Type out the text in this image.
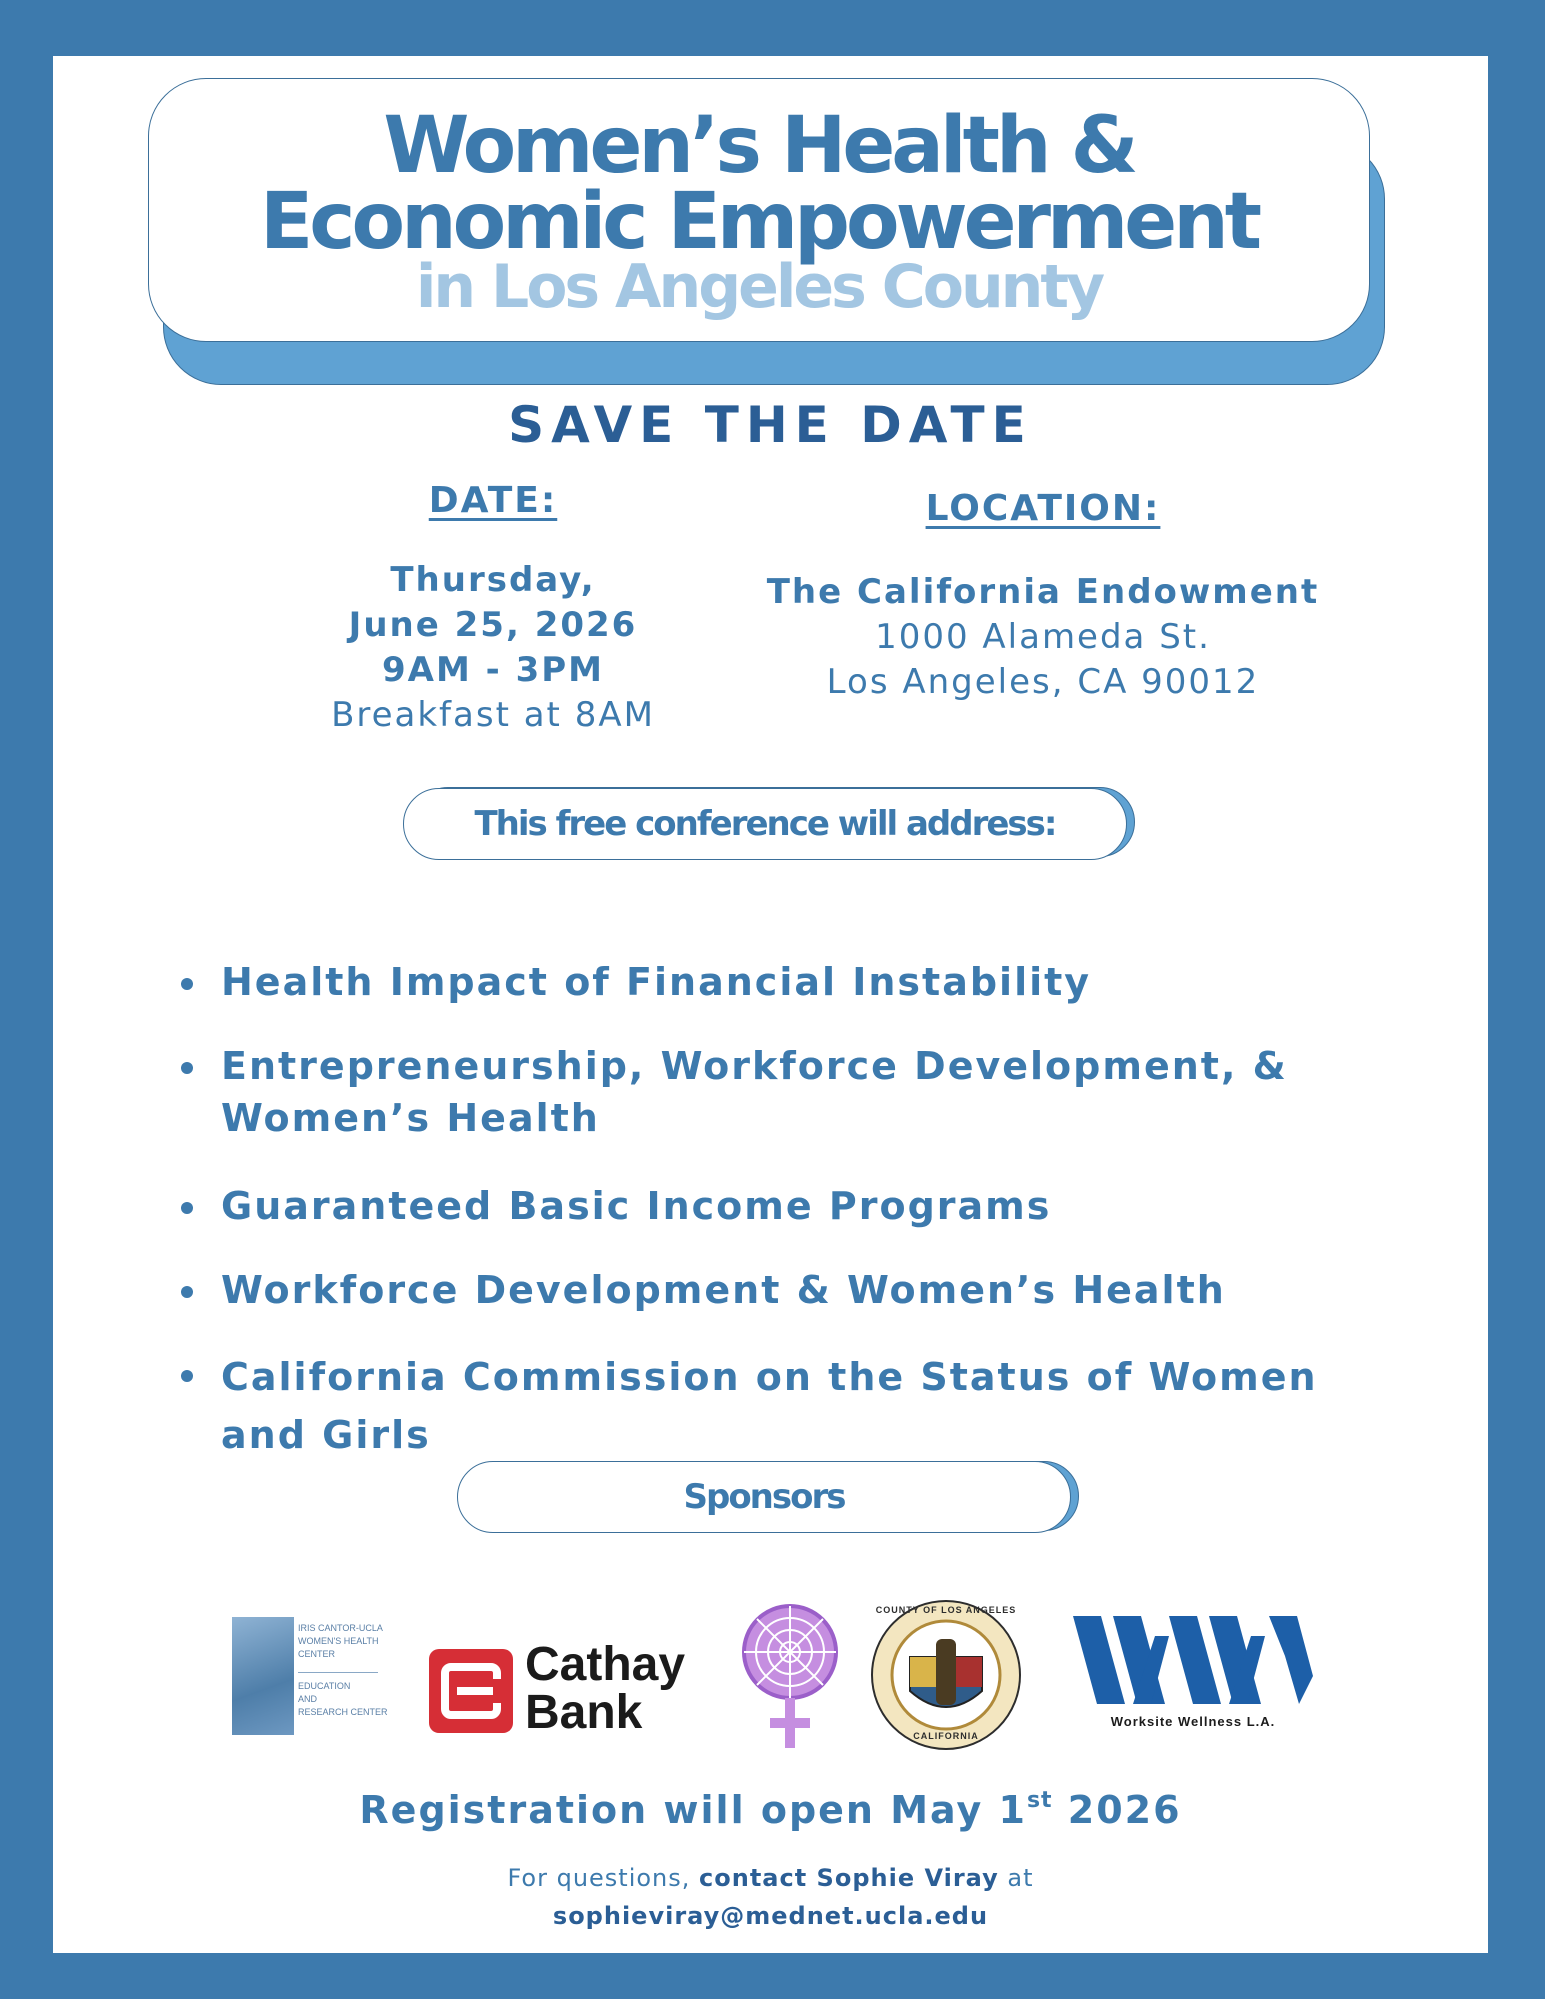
Women’s Health &
Economic Empowerment
in Los Angeles County
SAVE THE DATE
DATE:
Thursday,
June 25, 2026
9AM - 3PM
Breakfast at 8AM
LOCATION:
The California Endowment
1000 Alameda St.
Los Angeles, CA 90012
This free conference will address:
Health Impact of Financial Instability
Entrepreneurship, Workforce Development, & Women’s Health
Guaranteed Basic Income Programs
Workforce Development & Women’s Health
California Commission on the Status of Women and Girls
Sponsors
IRIS CANTOR-UCLA
WOMEN'S HEALTH
CENTER
EDUCATION
AND
RESEARCH CENTER
Cathay
Bank
COUNTY OF LOS ANGELES
CALIFORNIA
Worksite Wellness L.A.
Registration will open May 1st 2026
For questions, contact Sophie Viray at
sophieviray@mednet.ucla.edu
